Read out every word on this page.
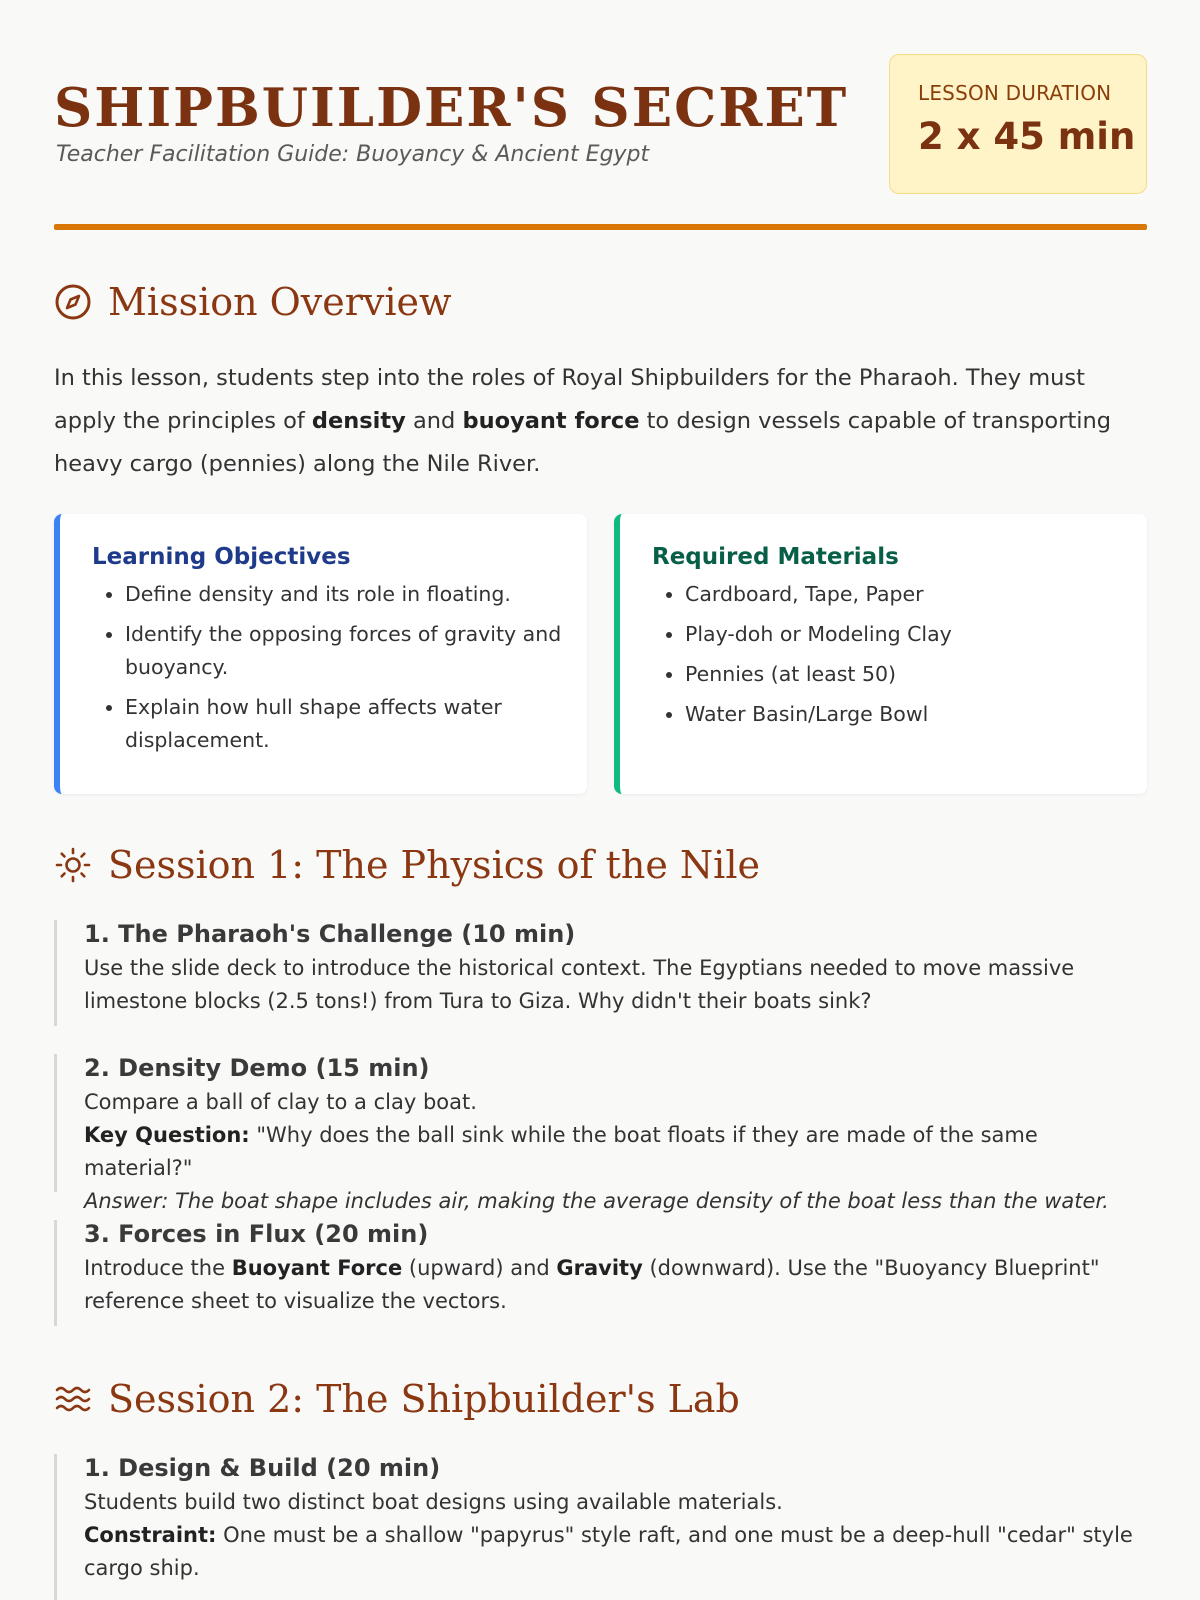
SHIPBUILDER'S SECRET
Teacher Facilitation Guide: Buoyancy & Ancient Egypt
LESSON DURATION
2 x 45 min
Mission Overview

In this lesson, students step into the roles of Royal Shipbuilders for the Pharaoh. They must apply the principles of density and buoyant force to design vessels capable of transporting heavy cargo (pennies) along the Nile River.

Learning Objectives
• Define density and its role in floating.
• Identify the opposing forces of gravity and buoyancy.
• Explain how hull shape affects water displacement.
Required Materials
• Cardboard, Tape, Paper
• Play-doh or Modeling Clay
• Pennies (at least 50)
• Water Basin/Large Bowl
Session 1: The Physics of the Nile
1. The Pharaoh's Challenge (10 min)

Use the slide deck to introduce the historical context. The Egyptians needed to move massive limestone blocks (2.5 tons!) from Tura to Giza. Why didn't their boats sink?

2. Density Demo (15 min)

Compare a ball of clay to a clay boat.

Key Question: "Why does the ball sink while the boat floats if they are made of the same material?"

Answer: The boat shape includes air, making the average density of the boat less than the water.

3. Forces in Flux (20 min)

Introduce the Buoyant Force (upward) and Gravity (downward). Use the "Buoyancy Blueprint" reference sheet to visualize the vectors.

Session 2: The Shipbuilder's Lab
1. Design & Build (20 min)

Students build two distinct boat designs using available materials.

Constraint: One must be a shallow "papyrus" style raft, and one must be a deep-hull "cedar" style cargo ship.
